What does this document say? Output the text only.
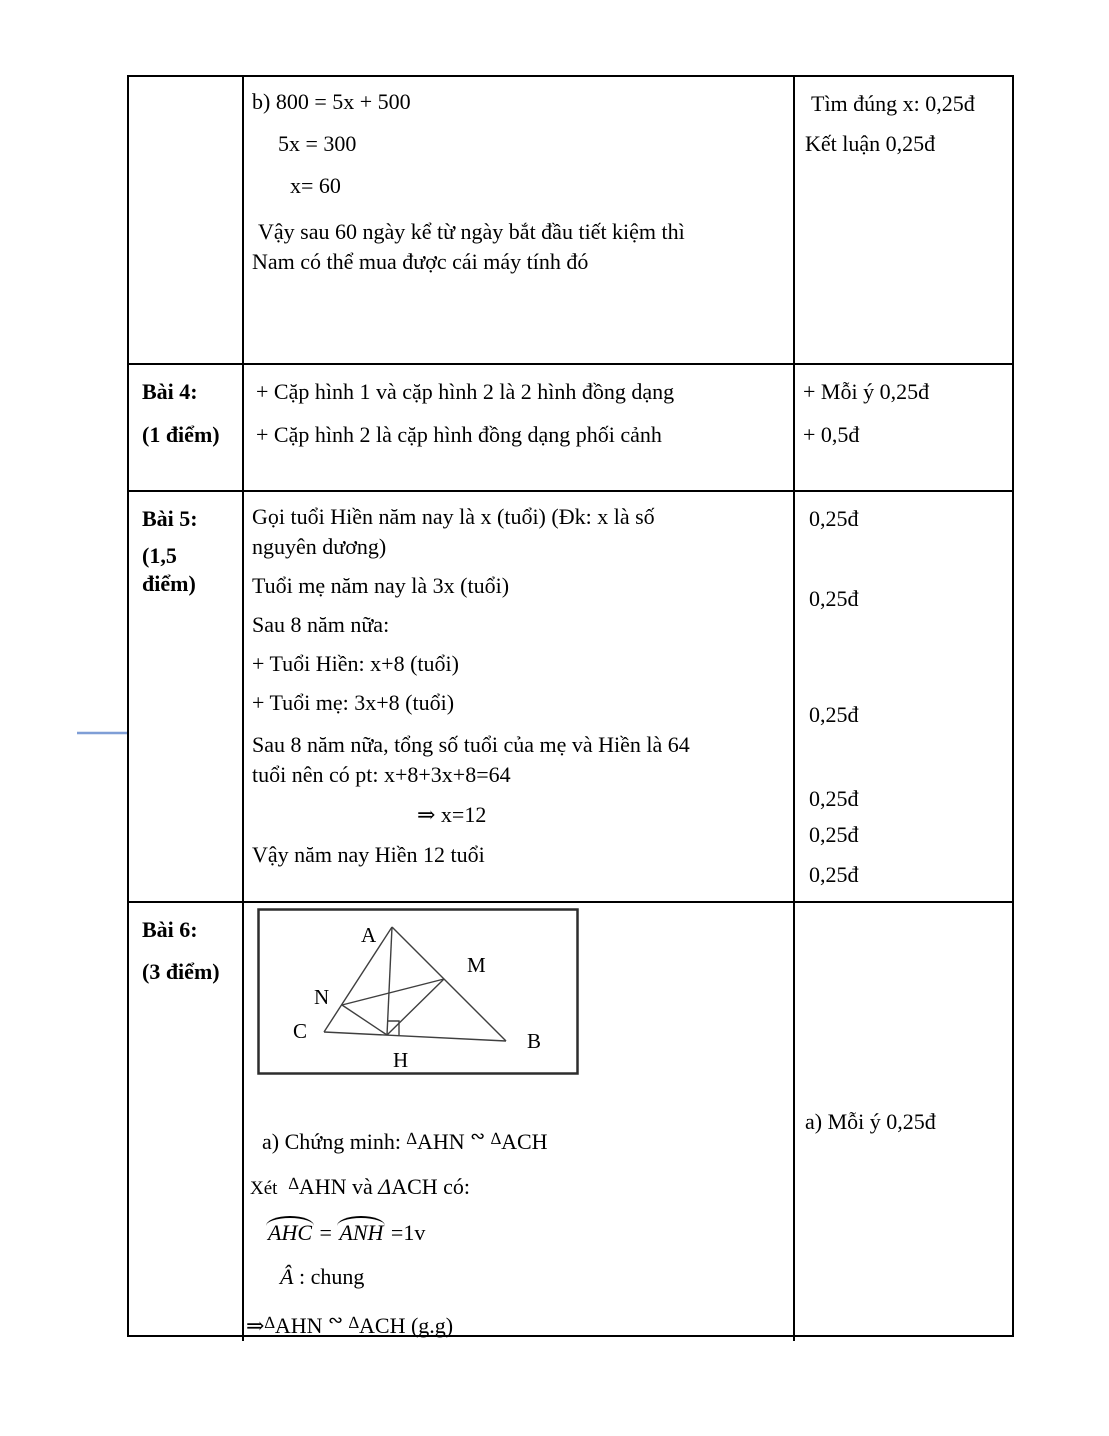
b) 800 = 5x + 500
5x = 300
x= 60
Vậy sau 60 ngày kể từ ngày bắt đầu tiết kiệm thì
Nam có thể mua được cái máy tính đó
Tìm đúng x: 0,25đ
Kết luận 0,25đ
Bài 4:
(1 điểm)
+ Cặp hình 1 và cặp hình 2 là 2 hình đồng dạng
+ Cặp hình 2 là cặp hình đồng dạng phối cảnh
+ Mỗi ý 0,25đ
+ 0,5đ
Bài 5:
(1,5
điểm)
Gọi tuổi Hiền năm nay là x (tuổi) (Đk: x là số
nguyên dương)
Tuổi mẹ năm nay là 3x (tuổi)
Sau 8 năm nữa:
+ Tuổi Hiền: x+8 (tuổi)
+ Tuổi mẹ: 3x+8 (tuổi)
Sau 8 năm nữa, tổng số tuổi của mẹ và Hiền là 64
tuổi nên có pt: x+8+3x+8=64
⇒ x=12
Vậy năm nay Hiền 12 tuổi
0,25đ
0,25đ
0,25đ
0,25đ
0,25đ
0,25đ
Bài 6:
(3 điểm)
A
M
N
C	B
H
a) Chứng minh: ∆AHN ∾ ∆ACH
Xét ∆AHN và ΔACH có:
AHC = ANH =1v
Â : chung
⇒∆AHN ∾ ∆ACH (g.g)
a) Mỗi ý 0,25đ
